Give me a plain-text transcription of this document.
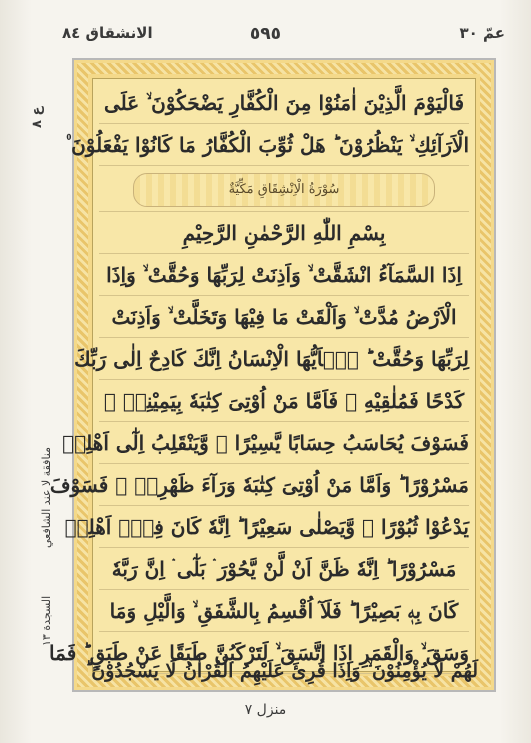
عمّ ٣٠
٥٩٥
الانشقاق ٨٤
ع ٨
منافقة لا عند الشافعي
السجدة ١٣
فَالْيَوْمَ الَّذِيْنَ اٰمَنُوْا مِنَ الْكُفَّارِ يَضْحَكُوْنَ ۙ عَلَى
الْاَرَآئِكِ ۙ يَنْظُرُوْنَ ؕ هَلْ ثُوِّبَ الْكُفَّارُ مَا كَانُوْا يَفْعَلُوْنَ ۠
سُوْرَةُ الْاِنْشِقَاقِ مَكِّيَّةٌ
بِسْمِ اللّٰهِ الرَّحْمٰنِ الرَّحِيْمِ
اِذَا السَّمَآءُ انْشَقَّتْ ۙ وَاَذِنَتْ لِرَبِّهَا وَحُقَّتْ ۙ وَاِذَا
الْاَرْضُ مُدَّتْ ۙ وَاَلْقَتْ مَا فِيْهَا وَتَخَلَّتْ ۙ وَاَذِنَتْ
لِرَبِّهَا وَحُقَّتْ ؕ يٰۤاَيُّهَا الْاِنْسَانُ اِنَّكَ كَادِحٌ اِلٰى رَبِّكَ
كَدْحًا فَمُلٰقِيْهِ ۚ فَاَمَّا مَنْ اُوْتِىَ كِتٰبَهٗ بِيَمِيْنِهٖ ۙ
فَسَوْفَ يُحَاسَبُ حِسَابًا يَّسِيْرًا ۙ وَّيَنْقَلِبُ اِلٰٓى اَهْلِهٖ
مَسْرُوْرًا ؕ وَاَمَّا مَنْ اُوْتِىَ كِتٰبَهٗ وَرَآءَ ظَهْرِهٖ ۙ فَسَوْفَ
يَدْعُوْا ثُبُوْرًا ۙ وَّيَصْلٰى سَعِيْرًا ؕ اِنَّهٗ كَانَ فِىْۤ اَهْلِهٖ
مَسْرُوْرًا ؕ اِنَّهٗ ظَنَّ اَنْ لَّنْ يَّحُوْرَ ۛ بَلٰٓى ۛ اِنَّ رَبَّهٗ
كَانَ بِهٖ بَصِيْرًا ؕ فَلَآ اُقْسِمُ بِالشَّفَقِ ۙ وَالَّيْلِ وَمَا
وَسَقَ ۙ وَالْقَمَرِ اِذَا اتَّسَقَ ۙ لَتَرْكَبُنَّ طَبَقًا عَنْ طَبَقٍ ؕ فَمَا
لَهُمْ لَا يُؤْمِنُوْنَ ۙ وَاِذَا قُرِئَ عَلَيْهِمُ الْقُرْاٰنُ لَا يَسْجُدُوْنَ ؕ
منزل ٧
